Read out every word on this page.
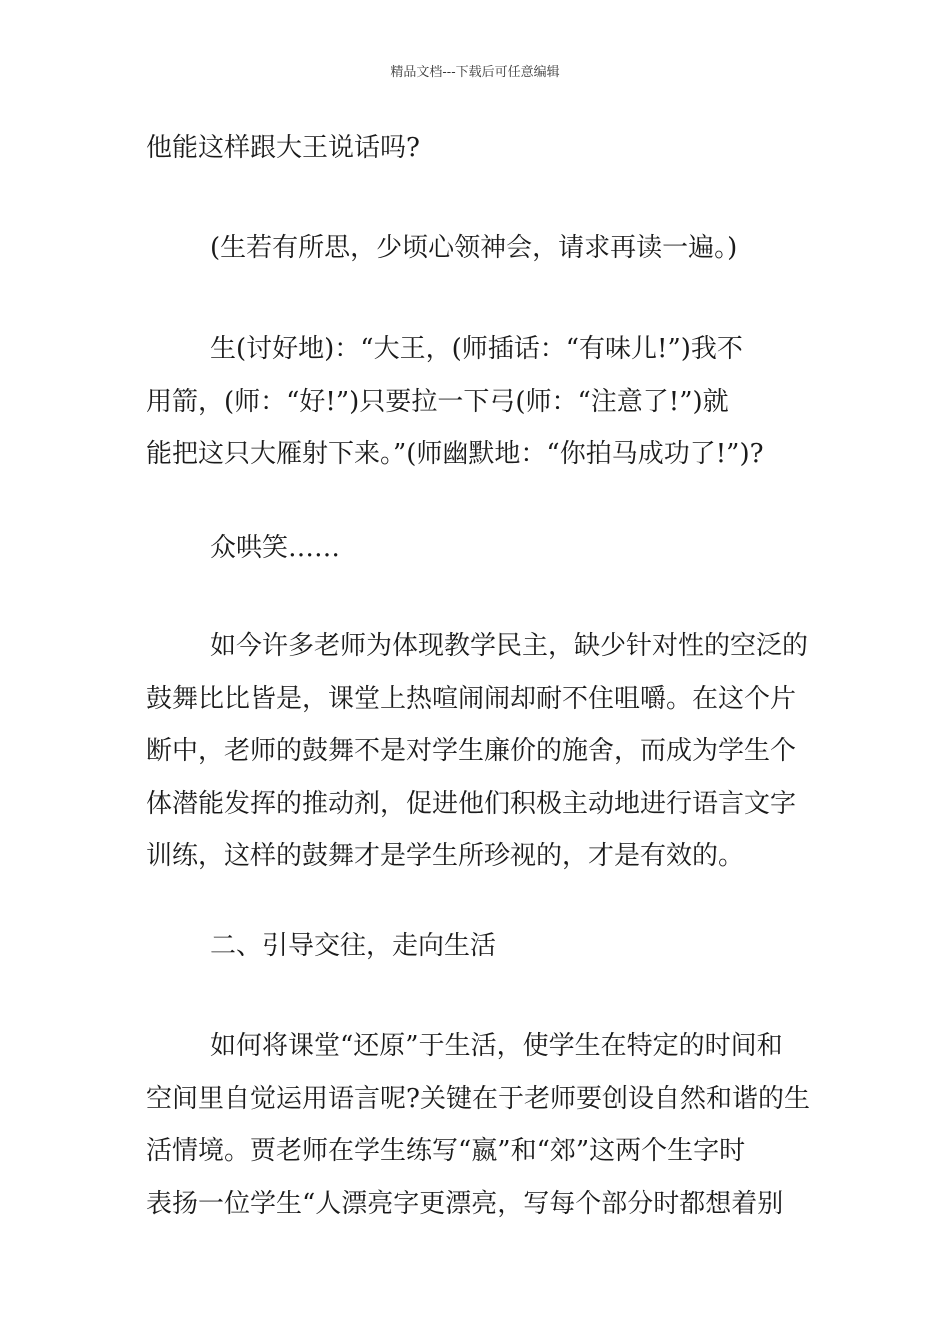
精品文档---下载后可任意编辑
他能这样跟大王说话吗?
(生若有所思，少顷心领神会，请求再读一遍。)
生(讨好地)：“大王，(师插话：“有味儿!”)我不
用箭，(师：“好!”)只要拉一下弓(师：“注意了!”)就
能把这只大雁射下来。”(师幽默地：“你拍马成功了!”)?
众哄笑……
如今许多老师为体现教学民主，缺少针对性的空泛的
鼓舞比比皆是，课堂上热喧闹闹却耐不住咀嚼。在这个片
断中，老师的鼓舞不是对学生廉价的施舍，而成为学生个
体潜能发挥的推动剂，促进他们积极主动地进行语言文字
训练，这样的鼓舞才是学生所珍视的，才是有效的。
二、引导交往，走向生活
如何将课堂“还原”于生活，使学生在特定的时间和
空间里自觉运用语言呢?关键在于老师要创设自然和谐的生
活情境。贾老师在学生练写“嬴”和“郊”这两个生字时
表扬一位学生“人漂亮字更漂亮，写每个部分时都想着别
